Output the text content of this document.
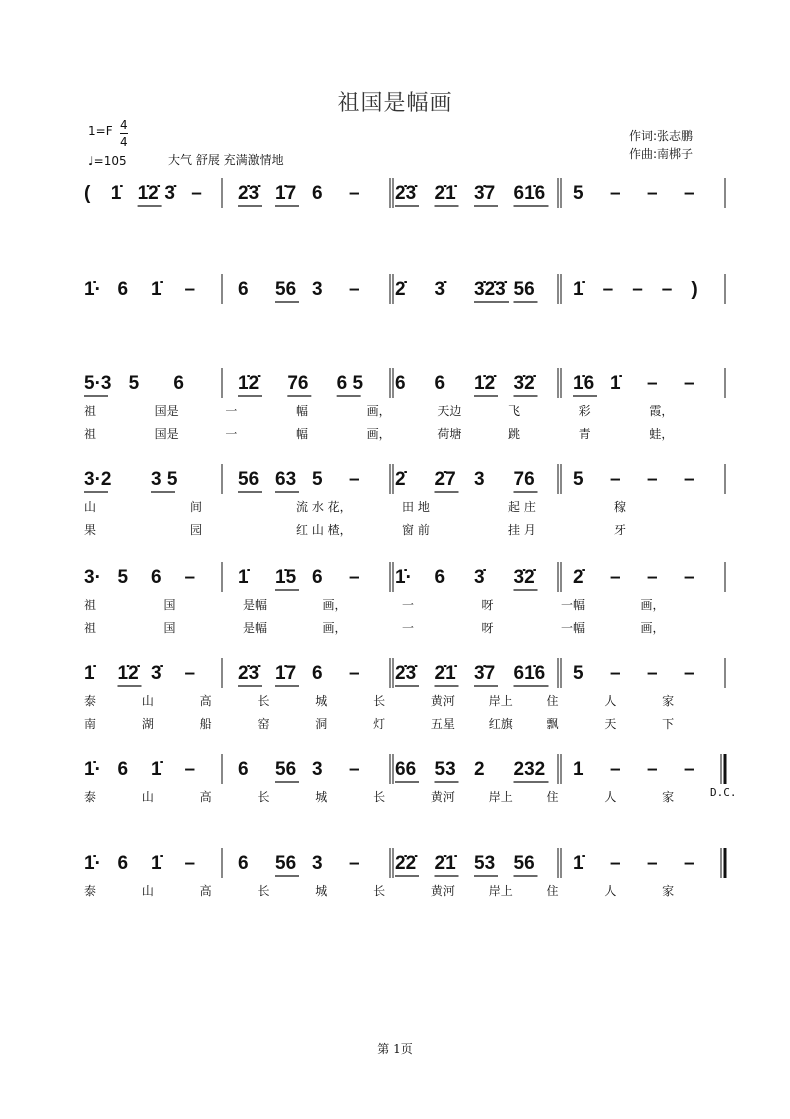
祖国是幅画
1=F 4
4
♩=105	大气 舒展 充满激情地
作词:张志鹏
作曲:南梆子
D.C.
第 1页
( 1̇ 1̇2̇ 3̇ – 2̇3̇ 1̇7 6 – 2̇3̇ 2̇1̇ 3̇7 61̇6 5 – – –
1̇· 6 1̇ – 6 56 3 – 2̇ 3̇ 3̇2̇3̇ 56 1̇ – – – )
5·3 5 6	1̇2̇ 76 6 5 6 6 1̇2̇ 3̇2̇ 1̇6 1̇ – –
祖	国是	一	幅	画，	天边	飞	彩	霞，
祖	国是	一	幅	画，	荷塘	跳	青	蛙，
3·2 3 5	56 63 5 – 2̇ 2̇7 3 76 5 – – –
山	间	流 水 花，	田 地	起 庄	稼
果	园	红 山 楂，	窗 前	挂 月	牙
3· 5 6 – 1̇ 1̇5 6 – 1̇· 6 3̇ 3̇2̇ 2̇ – – –
祖	国	是幅	画，	一	呀	一幅	画，
祖	国	是幅	画，	一	呀	一幅	画，
1̇ 1̇2̇ 3̇ – 2̇3̇ 1̇7 6 – 2̇3̇ 2̇1̇ 3̇7 61̇6 5 – – –
泰	山	高	长	城	长	黄河	岸上	住	人	家
南	湖	船	窑	洞	灯	五星	红旗	飘	天	下
1̇· 6 1̇ – 6 56 3 – 66 53 2 232 1 – – –
泰	山	高	长	城	长	黄河	岸上	住	人	家
1̇· 6 1̇ – 6 56 3 – 2̇2̇ 2̇1̇ 53 56 1̇ – – –
泰	山	高	长	城	长	黄河	岸上	住	人	家
